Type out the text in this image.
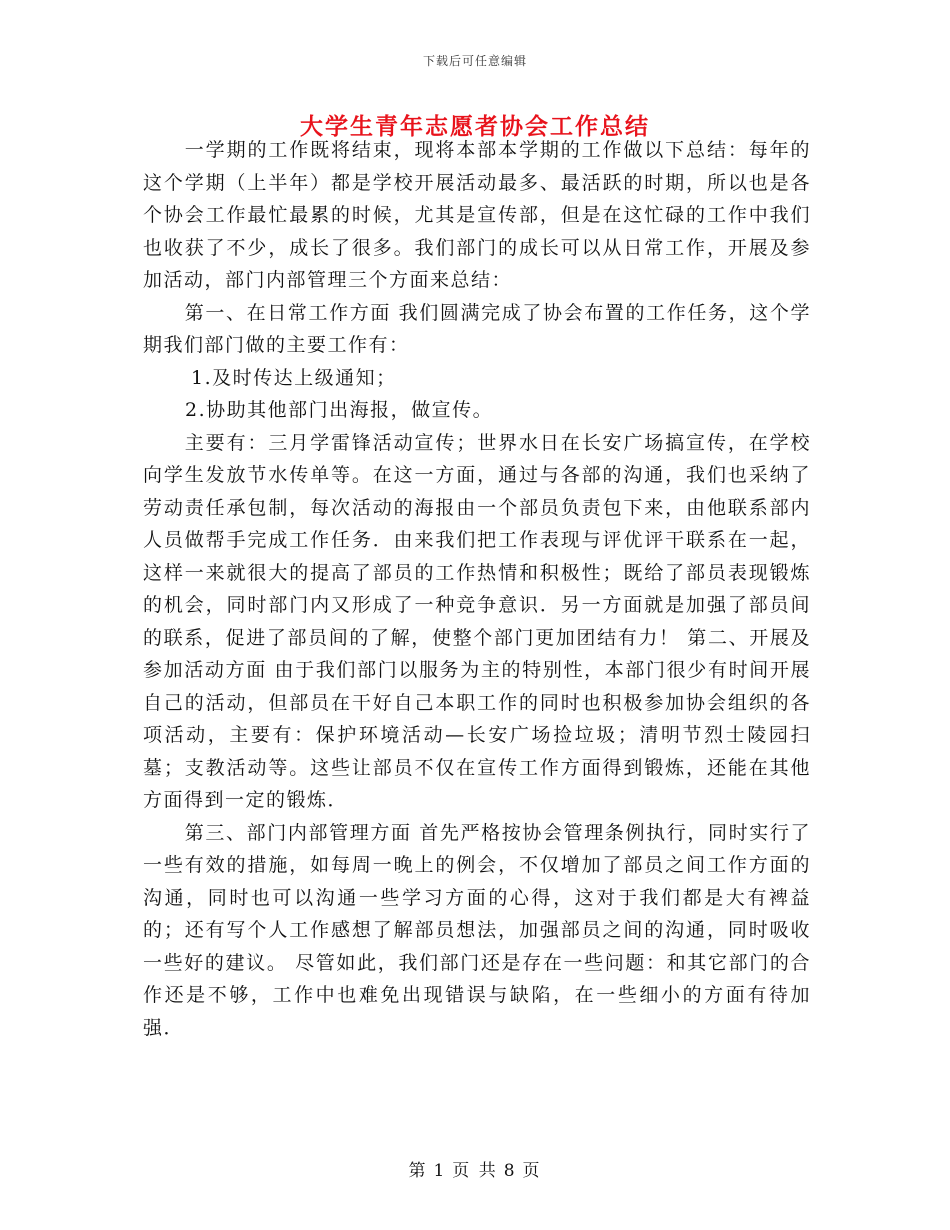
下载后可任意编辑
大学生青年志愿者协会工作总结

一学期的工作既将结束，现将本部本学期的工作做以下总结：每年的这个学期（上半年）都是学校开展活动最多、最活跃的时期，所以也是各个协会工作最忙最累的时候，尤其是宣传部，但是在这忙碌的工作中我们也收获了不少，成长了很多。我们部门的成长可以从日常工作，开展及参加活动，部门内部管理三个方面来总结：

第一、在日常工作方面 我们圆满完成了协会布置的工作任务，这个学期我们部门做的主要工作有：

1.及时传达上级通知；

2.协助其他部门出海报，做宣传。

主要有：三月学雷锋活动宣传；世界水日在长安广场搞宣传，在学校向学生发放节水传单等。在这一方面，通过与各部的沟通，我们也采纳了劳动责任承包制，每次活动的海报由一个部员负责包下来，由他联系部内人员做帮手完成工作任务．由来我们把工作表现与评优评干联系在一起，这样一来就很大的提高了部员的工作热情和积极性；既给了部员表现锻炼的机会，同时部门内又形成了一种竞争意识．另一方面就是加强了部员间的联系，促进了部员间的了解，使整个部门更加团结有力！ 第二、开展及参加活动方面 由于我们部门以服务为主的特别性，本部门很少有时间开展自己的活动，但部员在干好自己本职工作的同时也积极参加协会组织的各项活动，主要有：保护环境活动—长安广场捡垃圾；清明节烈士陵园扫墓；支教活动等。这些让部员不仅在宣传工作方面得到锻炼，还能在其他方面得到一定的锻炼．

第三、部门内部管理方面 首先严格按协会管理条例执行，同时实行了一些有效的措施，如每周一晚上的例会，不仅增加了部员之间工作方面的沟通，同时也可以沟通一些学习方面的心得，这对于我们都是大有裨益的；还有写个人工作感想了解部员想法，加强部员之间的沟通，同时吸收一些好的建议。 尽管如此，我们部门还是存在一些问题：和其它部门的合作还是不够，工作中也难免出现错误与缺陷，在一些细小的方面有待加强．

第 1 页 共 8 页
